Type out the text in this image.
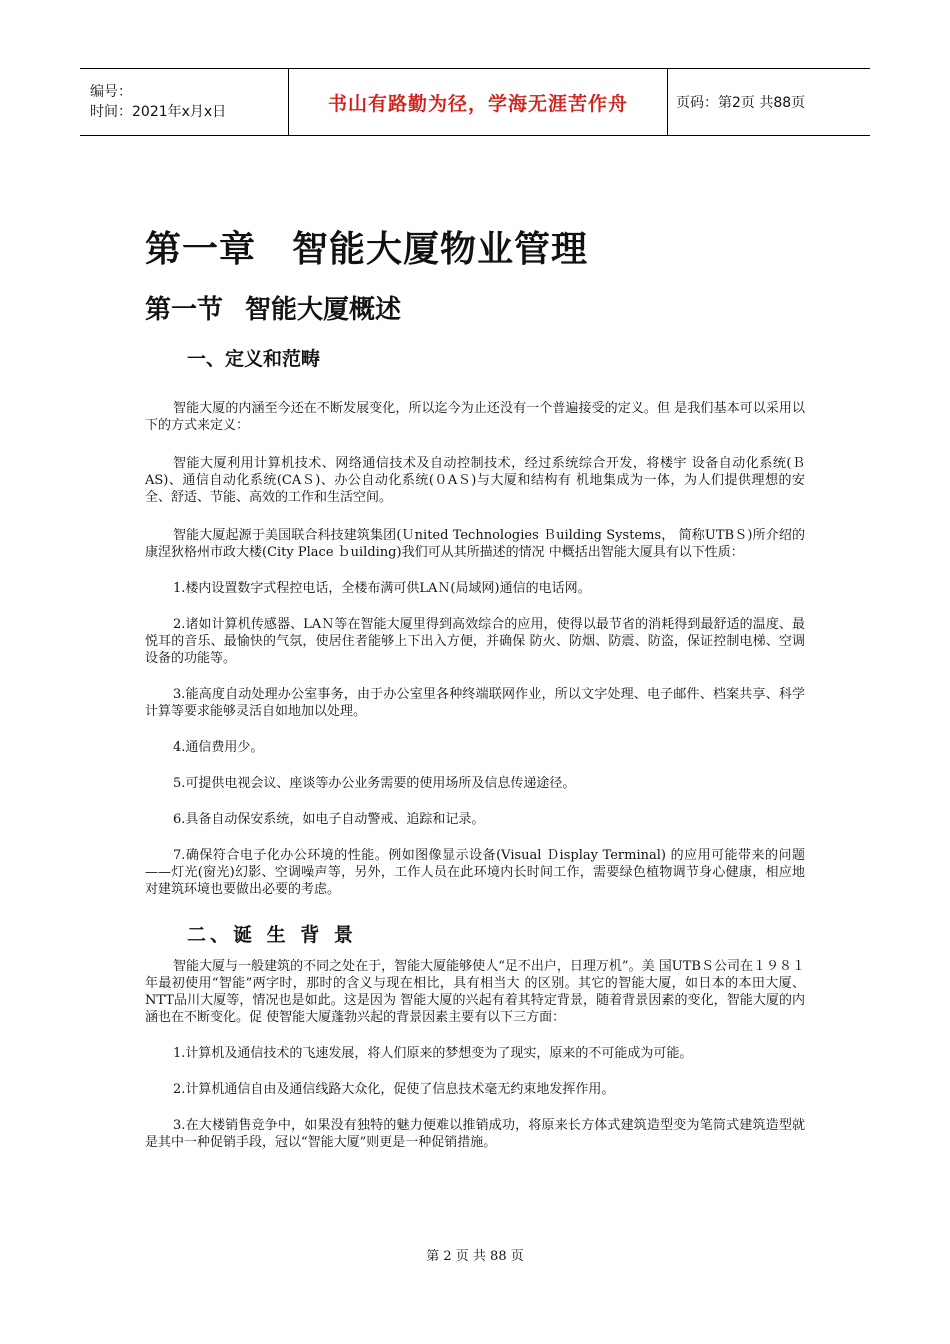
编号：
时间：2021年x月x日	书山有路勤为径，学海无涯苦作舟	页码：第2页 共88页
第一章 智能大厦物业管理
第一节 智能大厦概述
一、定义和范畴

智能大厦的内涵至今还在不断发展变化，所以迄今为止还没有一个普遍接受的定义。但 是我们基本可以采用以下的方式来定义：

智能大厦利用计算机技术、网络通信技术及自动控制技术，经过系统综合开发，将楼宇 设备自动化系统(ＢAS)、通信自动化系统(CAＳ)、办公自动化系统(０AＳ)与大厦和结构有 机地集成为一体，为人们提供理想的安全、舒适、节能、高效的工作和生活空间。

智能大厦起源于美国联合科技建筑集团(Ｕnited Technologies Ｂuilding Systems， 简称UTBＳ)所介绍的康涅狄格州市政大楼(City Place ｂuilding)我们可从其所描述的情况 中概括出智能大厦具有以下性质：

1.楼内设置数字式程控电话，全楼布满可供LAＮ(局域网)通信的电话网。

2.诸如计算机传感器、LAＮ等在智能大厦里得到高效综合的应用，使得以最节省的消耗得到最舒适的温度、最悦耳的音乐、最愉快的气氛，使居住者能够上下出入方便，并确保 防火、防烟、防震、防盗，保证控制电梯、空调设备的功能等。

3.能高度自动处理办公室事务，由于办公室里各种终端联网作业，所以文字处理、电子邮件、档案共享、科学计算等要求能够灵活自如地加以处理。

4.通信费用少。

5.可提供电视会议、座谈等办公业务需要的使用场所及信息传递途径。

6.具备自动保安系统，如电子自动警戒、追踪和记录。

7.确保符合电子化办公环境的性能。例如图像显示设备(Visual Ｄisplay Terminal) 的应用可能带来的问题——灯光(窗光)幻影、空调噪声等，另外，工作人员在此环境内长时间工作，需要绿色植物调节身心健康，相应地对建筑环境也要做出必要的考虑。

二、诞 生 背 景

智能大厦与一般建筑的不同之处在于，智能大厦能够使人“足不出户，日理万机”。美 国UTBＳ公司在１９８１年最初使用“智能”两字时，那时的含义与现在相比，具有相当大 的区别。其它的智能大厦，如日本的本田大厦、NTT品川大厦等，情况也是如此。这是因为 智能大厦的兴起有着其特定背景，随着背景因素的变化，智能大厦的内涵也在不断变化。促 使智能大厦蓬勃兴起的背景因素主要有以下三方面：

1.计算机及通信技术的飞速发展，将人们原来的梦想变为了现实，原来的不可能成为可能。

2.计算机通信自由及通信线路大众化，促使了信息技术毫无约束地发挥作用。

3.在大楼销售竞争中，如果没有独特的魅力便难以推销成功，将原来长方体式建筑造型变为笔筒式建筑造型就是其中一种促销手段，冠以“智能大厦”则更是一种促销措施。

第 2 页 共 88 页
